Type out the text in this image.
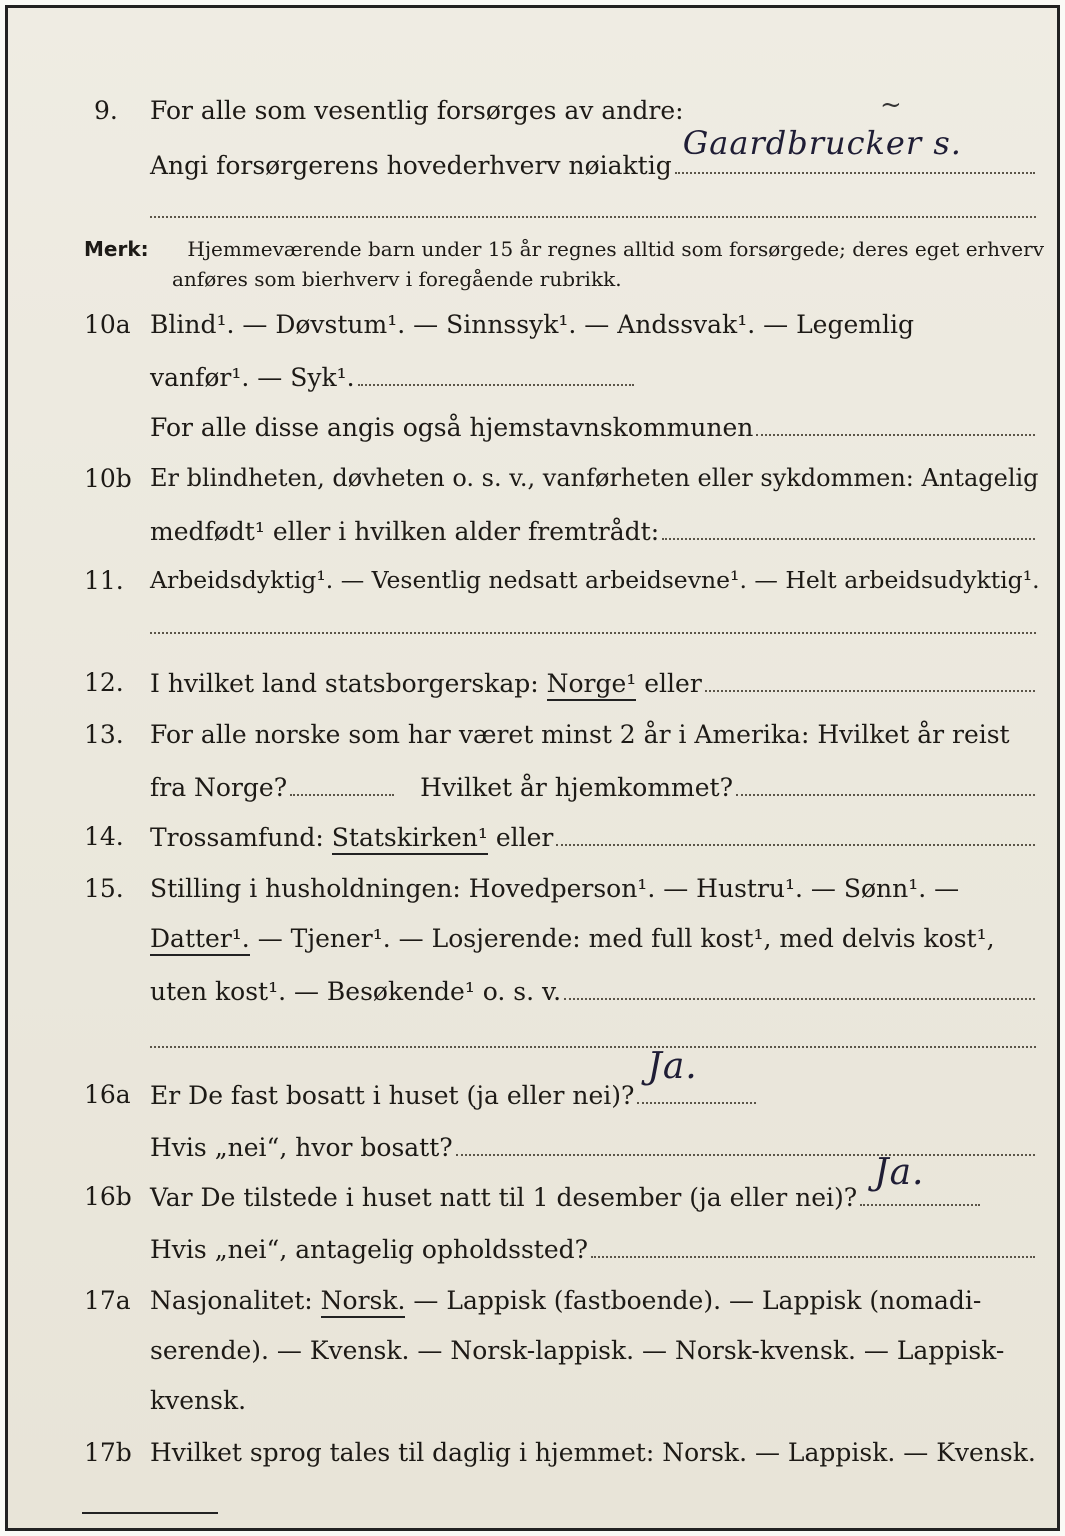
9. For alle som vesentlig forsørges av andre:	~
Angi forsørgerens hovederhverv nøiaktig
Gaardbrucker s.
Merk: Hjemmeværende barn under 15 år regnes alltid som forsørgede; deres eget erhverv
anføres som bierhverv i foregående rubrikk.
10a Blind¹. — Døvstum¹. — Sinnssyk¹. — Andssvak¹. — Legemlig
vanfør¹. — Syk¹.
For alle disse angis også hjemstavnskommunen
10b Er blindheten, døvheten o. s. v., vanførheten eller sykdommen: Antagelig
medfødt¹ eller i hvilken alder fremtrådt:
11. Arbeidsdyktig¹. — Vesentlig nedsatt arbeidsevne¹. — Helt arbeidsudyktig¹.
12. I hvilket land statsborgerskap: Norge¹ eller
13. For alle norske som har været minst 2 år i Amerika: Hvilket år reist
fra Norge?	Hvilket år hjemkommet?
14. Trossamfund: Statskirken¹ eller
15. Stilling i husholdningen: Hovedperson¹. — Hustru¹. — Sønn¹. —
Datter¹. — Tjener¹. — Losjerende: med full kost¹, med delvis kost¹,
uten kost¹. — Besøkende¹ o. s. v.
16a Er De fast bosatt i huset (ja eller nei)?
Ja.
Hvis „nei“, hvor bosatt?
16b Var De tilstede i huset natt til 1 desember (ja eller nei)?
Ja.
Hvis „nei“, antagelig opholdssted?
17a Nasjonalitet: Norsk. — Lappisk (fastboende). — Lappisk (nomadi-
serende). — Kvensk. — Norsk-lappisk. — Norsk-kvensk. — Lappisk-
kvensk.
17b Hvilket sprog tales til daglig i hjemmet: Norsk. — Lappisk. — Kvensk.
